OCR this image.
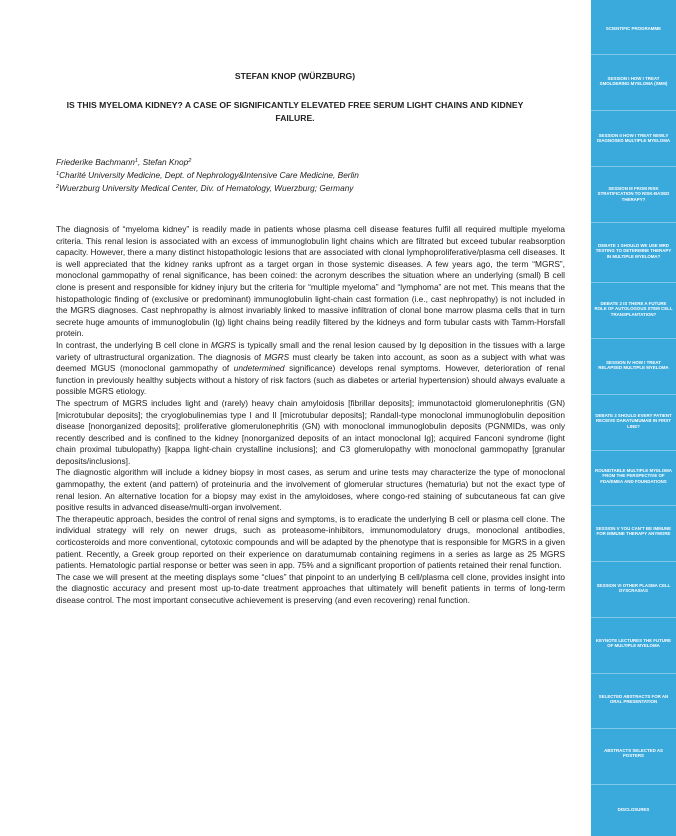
STEFAN KNOP (WÜRZBURG)
IS THIS MYELOMA KIDNEY? A CASE OF SIGNIFICANTLY ELEVATED FREE SERUM LIGHT CHAINS AND KIDNEY FAILURE.
Friederike Bachmann$^1$, Stefan Knop$^2$
$^1$Charité University Medicine, Dept. of Nephrology&Intensive Care Medicine, Berlin
$^2$Wuerzburg University Medical Center, Div. of Hematology, Wuerzburg; Germany

The diagnosis of “myeloma kidney” is readily made in patients whose plasma cell disease features fulfil all required multiple myeloma criteria. This renal lesion is associated with an excess of immunoglobulin light chains which are filtrated but exceed tubular reabsorption capacity. However, there a many distinct histopathologic lesions that are associated with clonal lymphoproliferative/plasma cell diseases. It is well appreciated that the kidney ranks upfront as a target organ in those systemic diseases. A few years ago, the term “MGRS”, monoclonal gammopathy of renal significance, has been coined: the acronym describes the situation where an underlying (small) B cell clone is present and responsible for kidney injury but the criteria for “multiple myeloma” and “lymphoma” are not met. This means that the histopathologic finding of (exclusive or predominant) immunoglobulin light-chain cast formation (i.e., cast nephropathy) is not included in the MGRS diagnoses. Cast nephropathy is almost invariably linked to massive infiltration of clonal bone marrow plasma cells that in turn secrete huge amounts of immunoglobulin (Ig) light chains being readily filtered by the kidneys and form tubular casts with Tamm-Horsfall protein.

In contrast, the underlying B cell clone in MGRS is typically small and the renal lesion caused by Ig deposition in the tissues with a large variety of ultrastructural organization. The diagnosis of MGRS must clearly be taken into account, as soon as a subject with what was deemed MGUS (monoclonal gammopathy of undetermined significance) develops renal symptoms. However, deterioration of renal function in previously healthy subjects without a history of risk factors (such as diabetes or arterial hypertension) should always evaluate a possible MGRS etiology.

The spectrum of MGRS includes light and (rarely) heavy chain amyloidosis [fibrillar deposits]; immunotactoid glomerulonephritis (GN) [microtubular deposits]; the cryoglobulinemias type I and II [microtubular deposits]; Randall-type monoclonal immunoglobulin deposition disease [nonorganized deposits]; proliferative glomerulonephritis (GN) with monoclonal immunoglobulin deposits (PGNMIDs, was only recently described and is confined to the kidney [nonorganized deposits of an intact monoclonal Ig]; acquired Fanconi syndrome (light chain proximal tubulopathy) [kappa light-chain crystalline inclusions]; and C3 glomerulopathy with monoclonal gammopathy [granular deposits/inclusions].

The diagnostic algorithm will include a kidney biopsy in most cases, as serum and urine tests may characterize the type of monoclonal gammopathy, the extent (and pattern) of proteinuria and the involvement of glomerular structures (hematuria) but not the exact type of renal lesion. An alternative location for a biopsy may exist in the amyloidoses, where congo-red staining of subcutaneous fat can give positive results in advanced disease/multi-organ involvement.

The therapeutic approach, besides the control of renal signs and symptoms, is to eradicate the underlying B cell or plasma cell clone. The individual strategy will rely on newer drugs, such as proteasome-inhibitors, immunomodulatory drugs, monoclonal antibodies, corticosteroids and more conventional, cytotoxic compounds and will be adapted by the phenotype that is responsible for MGRS in a given patient. Recently, a Greek group reported on their experience on daratumumab containing regimens in a series as large as 25 MGRS patients. Hematologic partial response or better was seen in app. 75% and a significant proportion of patients retained their renal function.

The case we will present at the meeting displays some “clues” that pinpoint to an underlying B cell/plasma cell clone, provides insight into the diagnostic accuracy and present most up-to-date treatment approaches that ultimately will benefit patients in terms of long-term disease control. The most important consecutive achievement is preserving (and even recovering) renal function.

SCIENTIFIC PROGRAMME
SESSION I HOW I TREAT SMOLDERING MYELOMA (SMM)
SESSION II HOW I TREAT NEWLY DIAGNOSED MULTIPLE MYELOMA
SESSION III FROM RISK STRATIFICATION TO RISK-BASED THERAPY?
DEBATE 1 SHOULD WE USE MRD TESTING TO DETERMINE THERAPY IN MULTIPLE MYELOMA?
DEBATE 2 IS THERE A FUTURE ROLE OF AUTOLOGOUS STEM CELL TRANSPLANTATION?
SESSION IV HOW I TREAT RELAPSED MULTIPLE MYELOMA
DEBATE 3 SHOULD EVERY PATIENT RECEIVE DARATUMUMAB IN FIRST LINE?
ROUNDTABLE MULTIPLE MYELOMA FROM THE PERSPECTIVE OF FDA/EMEA AND FOUNDATIONS
SESSION V YOU CAN'T BE IMMUNE FOR IMMUNE THERAPY ANYMORE
SESSION VI OTHER PLASMA CELL DYSCRASIAS
KEYNOTE LECTURES THE FUTURE OF MULTIPLE MYELOMA
SELECTED ABSTRACTS FOR AN ORAL PRESENTATION
ABSTRACTS SELECTED AS POSTERS
DISCLOSURES
